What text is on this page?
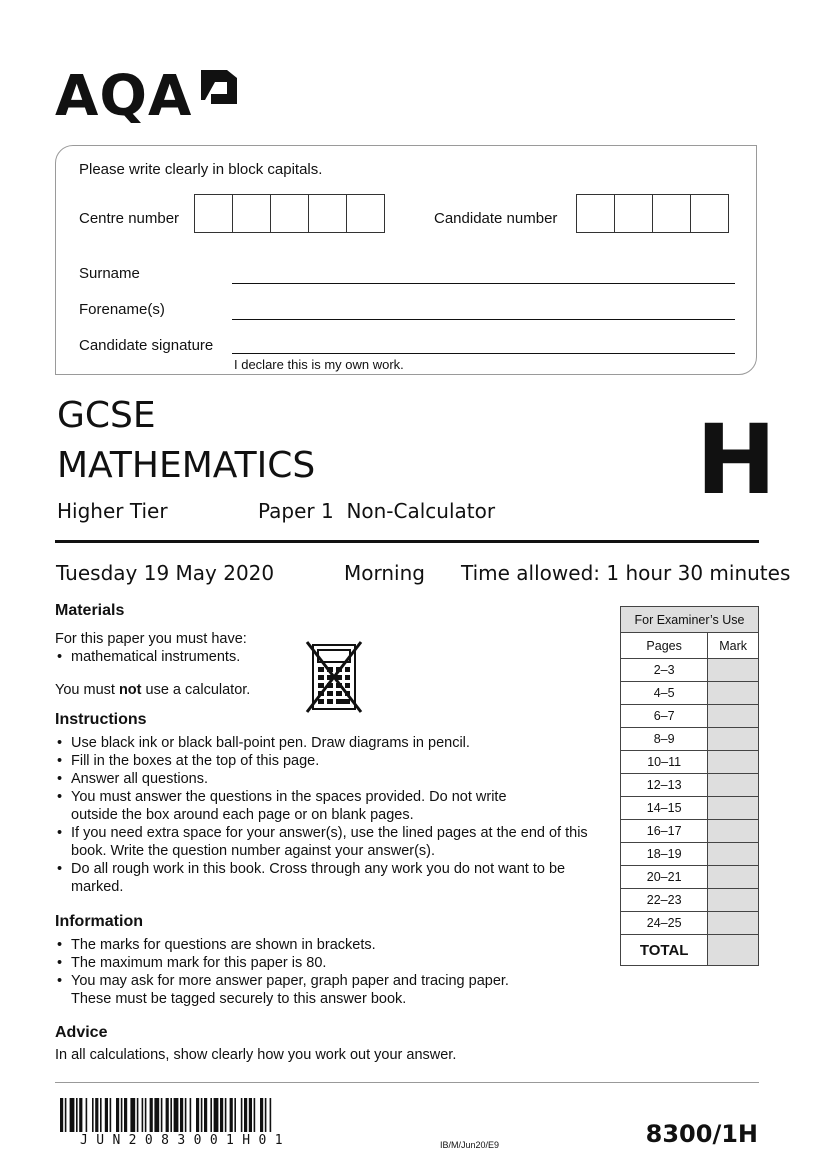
AQA
Please write clearly in block capitals.
Centre number	Candidate number
Surname
Forename(s)
Candidate signature
I declare this is my own work.
GCSE
MATHEMATICS	H
Higher Tier	Paper 1  Non-Calculator
Tuesday 19 May 2020	Morning Time allowed: 1 hour 30 minutes
Materials
For this paper you must have:
• mathematical instruments.
You must not use a calculator.
Instructions
• Use black ink or black ball-point pen. Draw diagrams in pencil.
• Fill in the boxes at the top of this page.
• Answer all questions.
• You must answer the questions in the spaces provided. Do not write outside the box around each page or on blank pages.
• If you need extra space for your answer(s), use the lined pages at the end of this book. Write the question number against your answer(s).
• Do all rough work in this book. Cross through any work you do not want to be marked.
Information
• The marks for questions are shown in brackets.
• The maximum mark for this paper is 80.
• You may ask for more answer paper, graph paper and tracing paper. These must be tagged securely to this answer book.
Advice
In all calculations, show clearly how you work out your answer.
For Examiner’s Use	
Pages	Mark
2–3	
4–5	
6–7	
8–9	
10–11	
12–13	
14–15	
16–17	
18–19	
20–21	
22–23	
24–25	
TOTAL	
JUN2083001H01	IB/M/Jun20/E9	8300/1H
